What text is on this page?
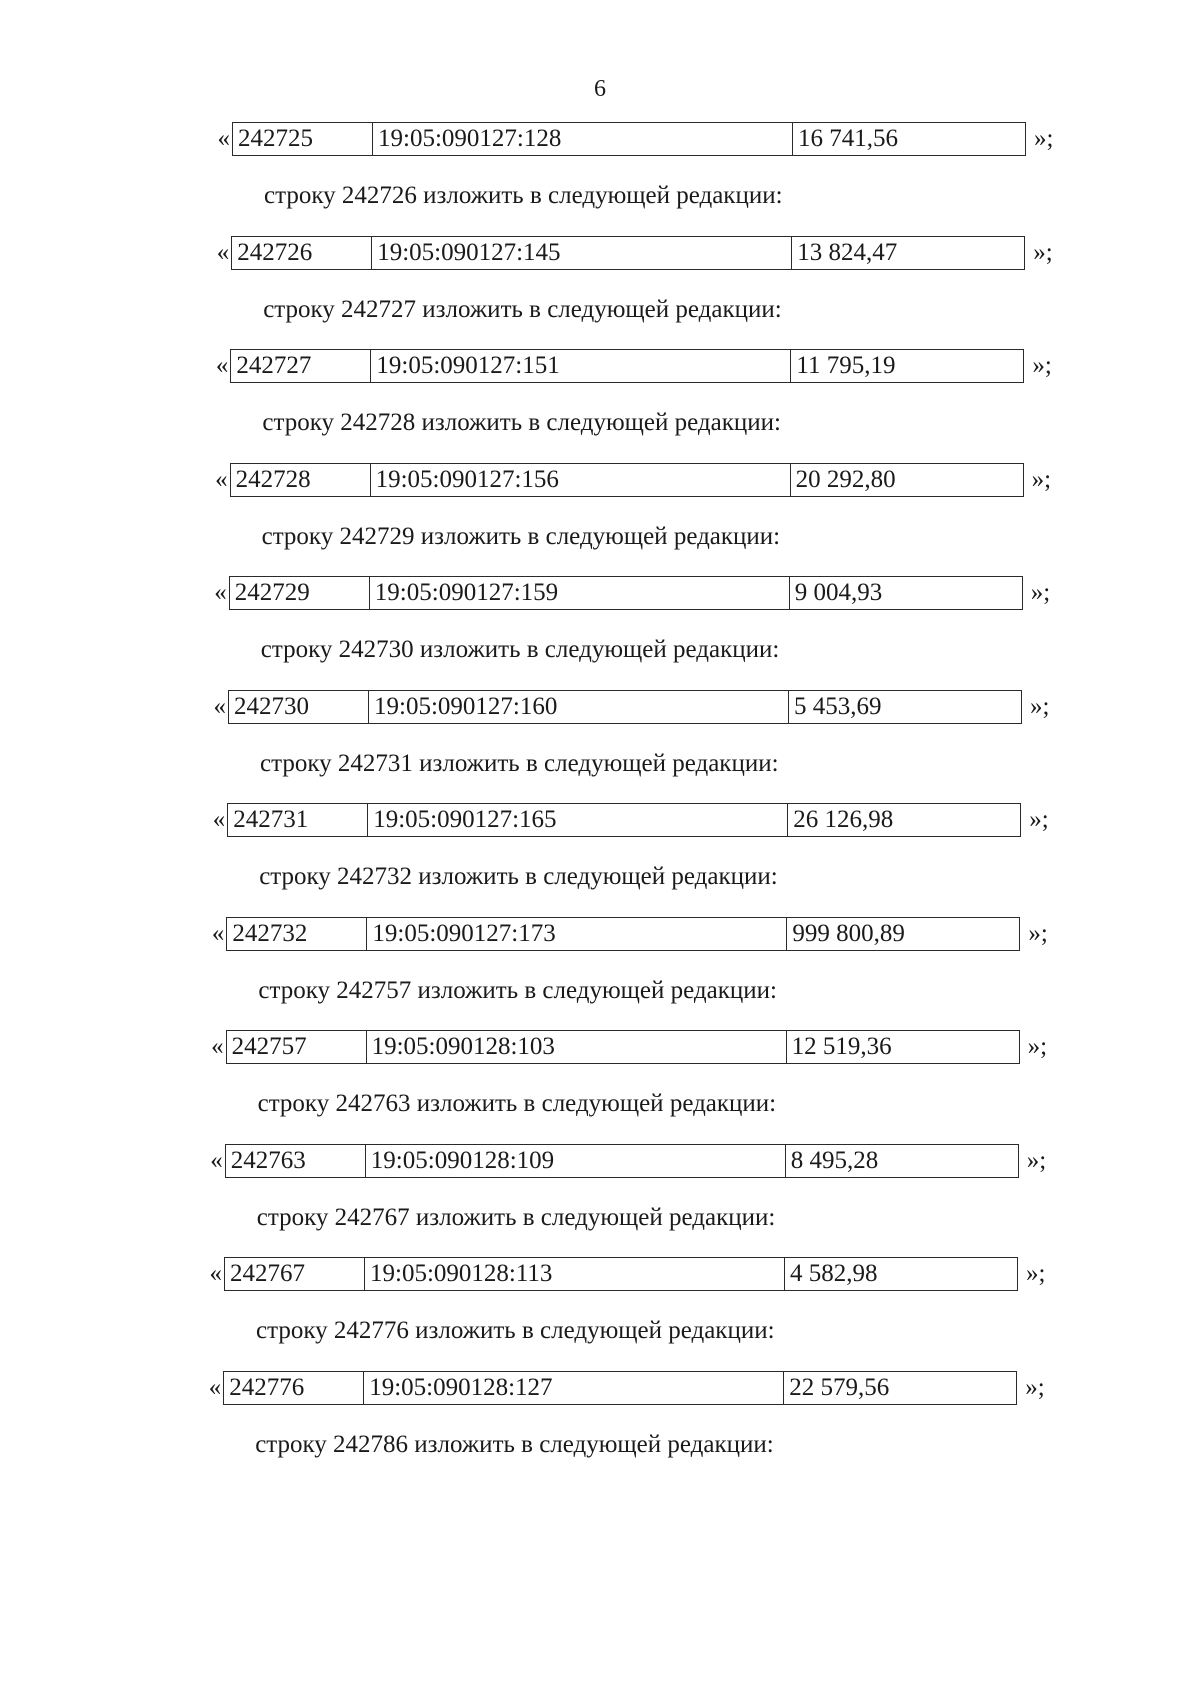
6
« 242725	19:05:090127:128	16 741,56	»;
строку 242726 изложить в следующей редакции:
« 242726	19:05:090127:145	13 824,47	»;
строку 242727 изложить в следующей редакции:
« 242727	19:05:090127:151	11 795,19	»;
строку 242728 изложить в следующей редакции:
« 242728	19:05:090127:156	20 292,80	»;
строку 242729 изложить в следующей редакции:
« 242729	19:05:090127:159	9 004,93	»;
строку 242730 изложить в следующей редакции:
« 242730	19:05:090127:160	5 453,69	»;
строку 242731 изложить в следующей редакции:
« 242731	19:05:090127:165	26 126,98	»;
строку 242732 изложить в следующей редакции:
« 242732	19:05:090127:173	999 800,89	»;
строку 242757 изложить в следующей редакции:
« 242757	19:05:090128:103	12 519,36	»;
строку 242763 изложить в следующей редакции:
« 242763	19:05:090128:109	8 495,28	»;
строку 242767 изложить в следующей редакции:
« 242767	19:05:090128:113	4 582,98	»;
строку 242776 изложить в следующей редакции:
« 242776	19:05:090128:127	22 579,56	»;
строку 242786 изложить в следующей редакции:
